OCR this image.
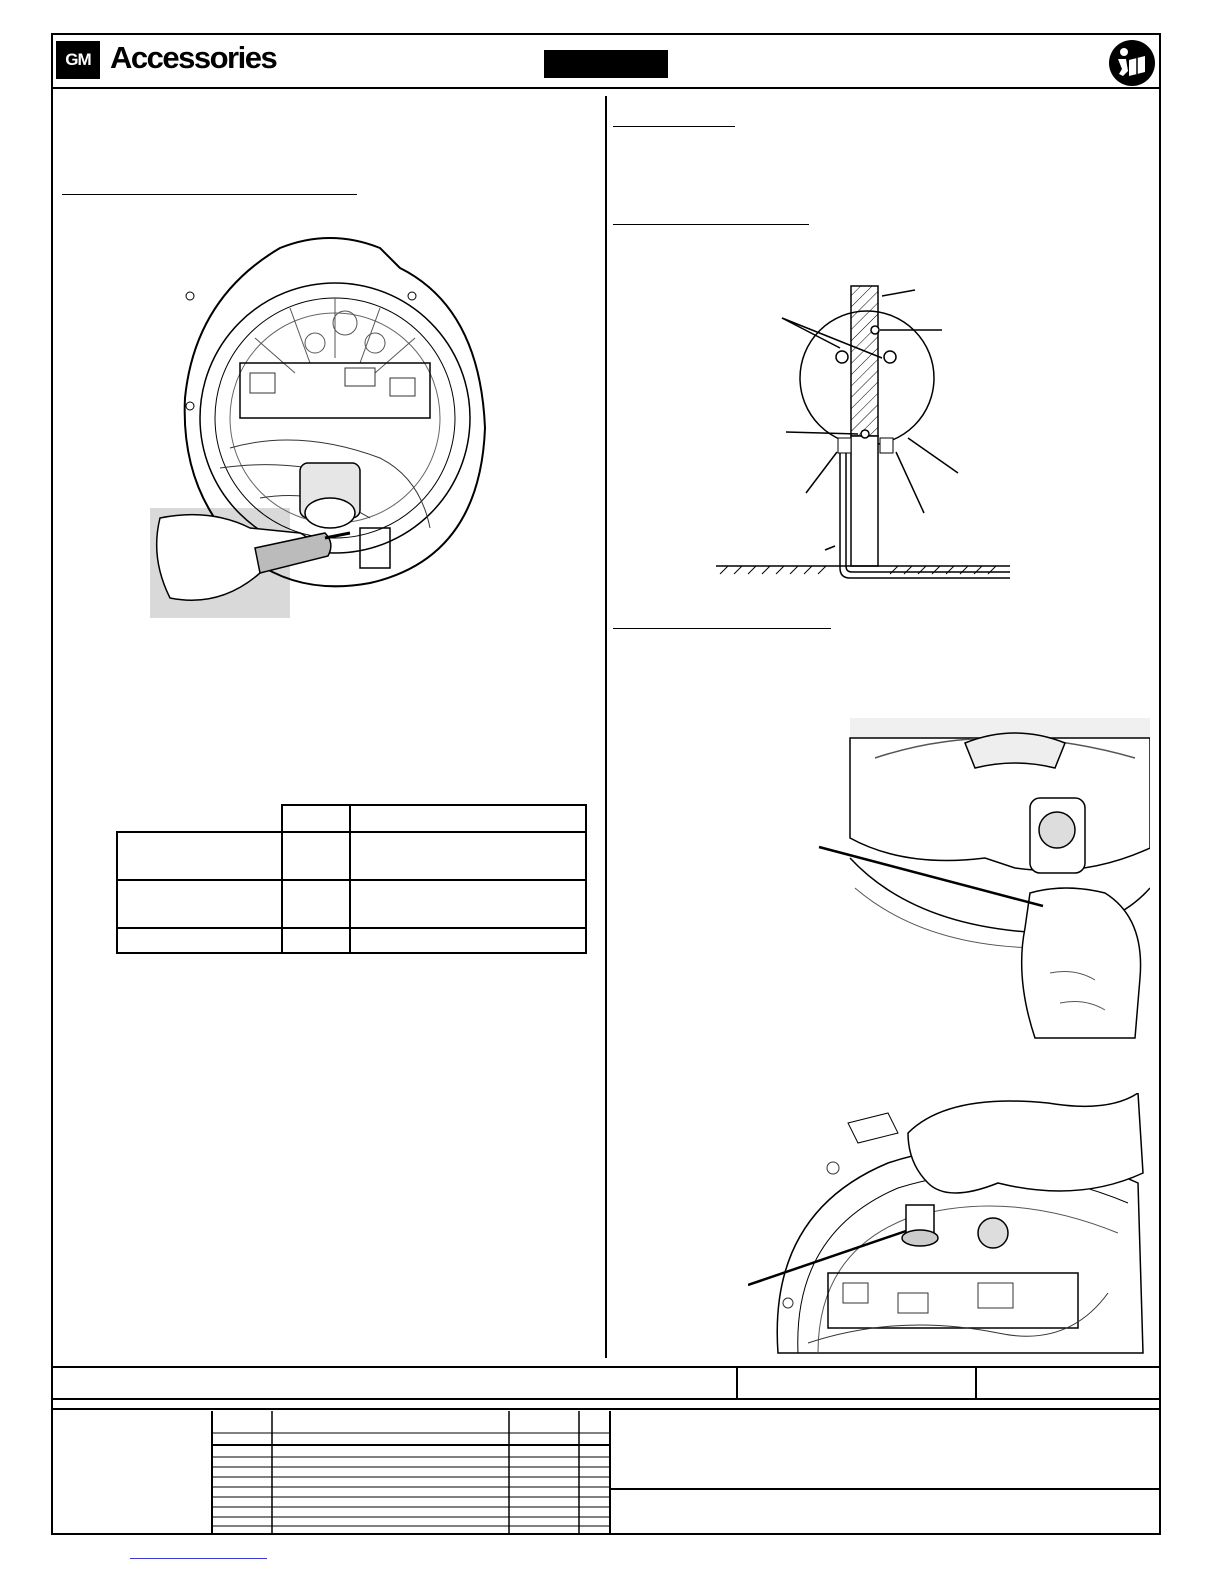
GM Accessories
